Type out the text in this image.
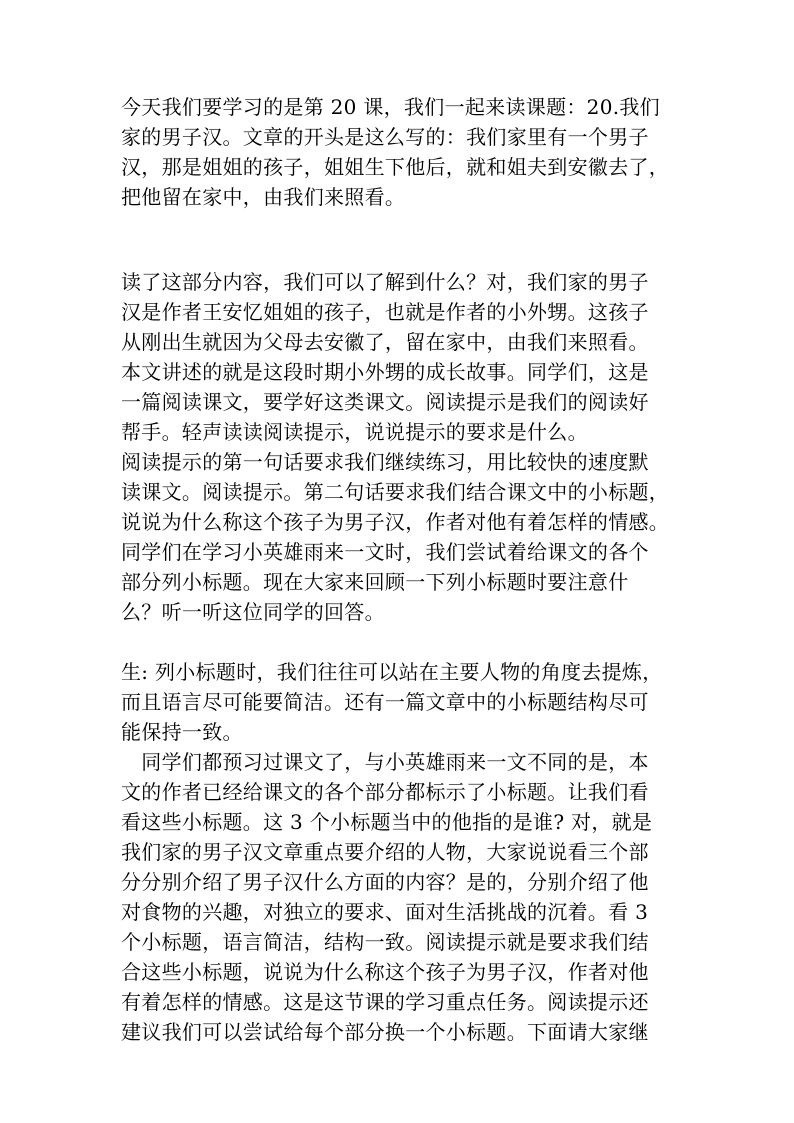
今天我们要学习的是第 20 课，我们一起来读课题：20.我们
家的男子汉。文章的开头是这么写的：我们家里有一个男子
汉，那是姐姐的孩子，姐姐生下他后，就和姐夫到安徽去了，
把他留在家中，由我们来照看。

读了这部分内容，我们可以了解到什么？对，我们家的男子
汉是作者王安忆姐姐的孩子，也就是作者的小外甥。这孩子
从刚出生就因为父母去安徽了，留在家中，由我们来照看。
本文讲述的就是这段时期小外甥的成长故事。同学们，这是
一篇阅读课文，要学好这类课文。阅读提示是我们的阅读好
帮手。轻声读读阅读提示，说说提示的要求是什么。
阅读提示的第一句话要求我们继续练习，用比较快的速度默
读课文。阅读提示。第二句话要求我们结合课文中的小标题，
说说为什么称这个孩子为男子汉，作者对他有着怎样的情感。
同学们在学习小英雄雨来一文时，我们尝试着给课文的各个
部分列小标题。现在大家来回顾一下列小标题时要注意什
么？听一听这位同学的回答。

生: 列小标题时，我们往往可以站在主要人物的角度去提炼，
而且语言尽可能要简洁。还有一篇文章中的小标题结构尽可
能保持一致。
　同学们都预习过课文了，与小英雄雨来一文不同的是，本
文的作者已经给课文的各个部分都标示了小标题。让我们看
看这些小标题。这 3 个小标题当中的他指的是谁? 对，就是
我们家的男子汉文章重点要介绍的人物，大家说说看三个部
分分别介绍了男子汉什么方面的内容？是的，分别介绍了他
对食物的兴趣，对独立的要求、面对生活挑战的沉着。看 3
个小标题，语言简洁，结构一致。阅读提示就是要求我们结
合这些小标题，说说为什么称这个孩子为男子汉，作者对他
有着怎样的情感。这是这节课的学习重点任务。阅读提示还
建议我们可以尝试给每个部分换一个小标题。下面请大家继
